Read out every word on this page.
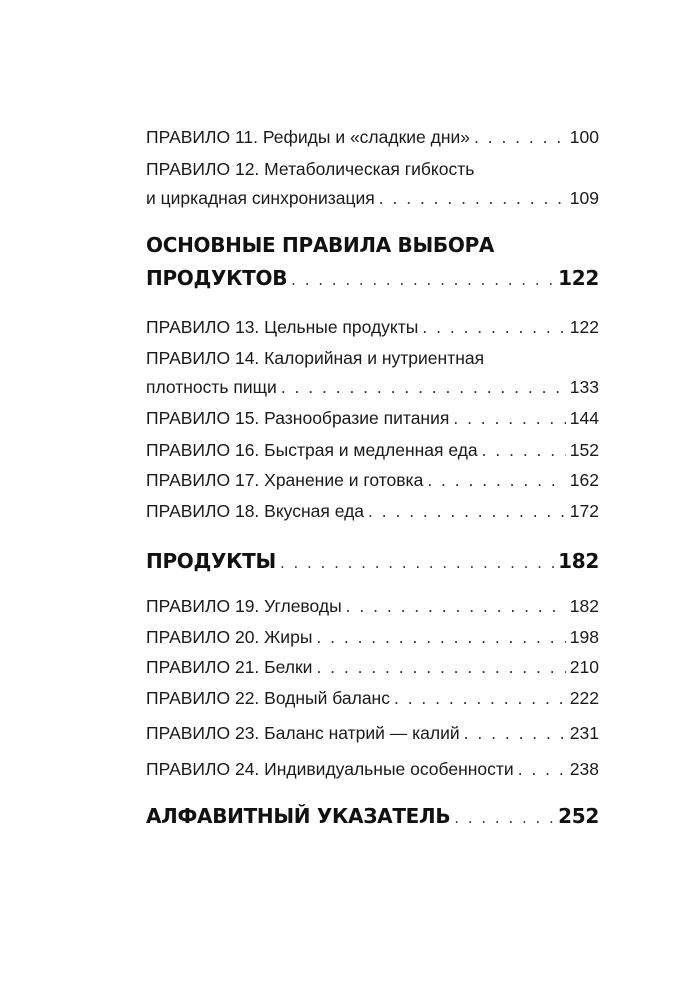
ПРАВИЛО 11. Рефиды и «сладкие дни» . . .	100
ПРАВИЛО 12. Метаболическая гибкость
и циркадная синхронизация . . .	109
ОСНОВНЫЕ ПРАВИЛА ВЫБОРА
ПРОДУКТОВ . . .	122
ПРАВИЛО 13. Цельные продукты . . .	122
ПРАВИЛО 14. Калорийная и нутриентная
плотность пищи . . .	133
ПРАВИЛО 15. Разнообразие питания . . .	144
ПРАВИЛО 16. Быстрая и медленная еда . . .	152
ПРАВИЛО 17. Хранение и готовка . . .	162
ПРАВИЛО 18. Вкусная еда . . .	172
ПРОДУКТЫ . . .	182
ПРАВИЛО 19. Углеводы . . .	182
ПРАВИЛО 20. Жиры . . .	198
ПРАВИЛО 21. Белки . . .	210
ПРАВИЛО 22. Водный баланс . . .	222
ПРАВИЛО 23. Баланс натрий — калий . . .	231
ПРАВИЛО 24. Индивидуальные особенности . . .	238
АЛФАВИТНЫЙ УКАЗАТЕЛЬ . . .	252
